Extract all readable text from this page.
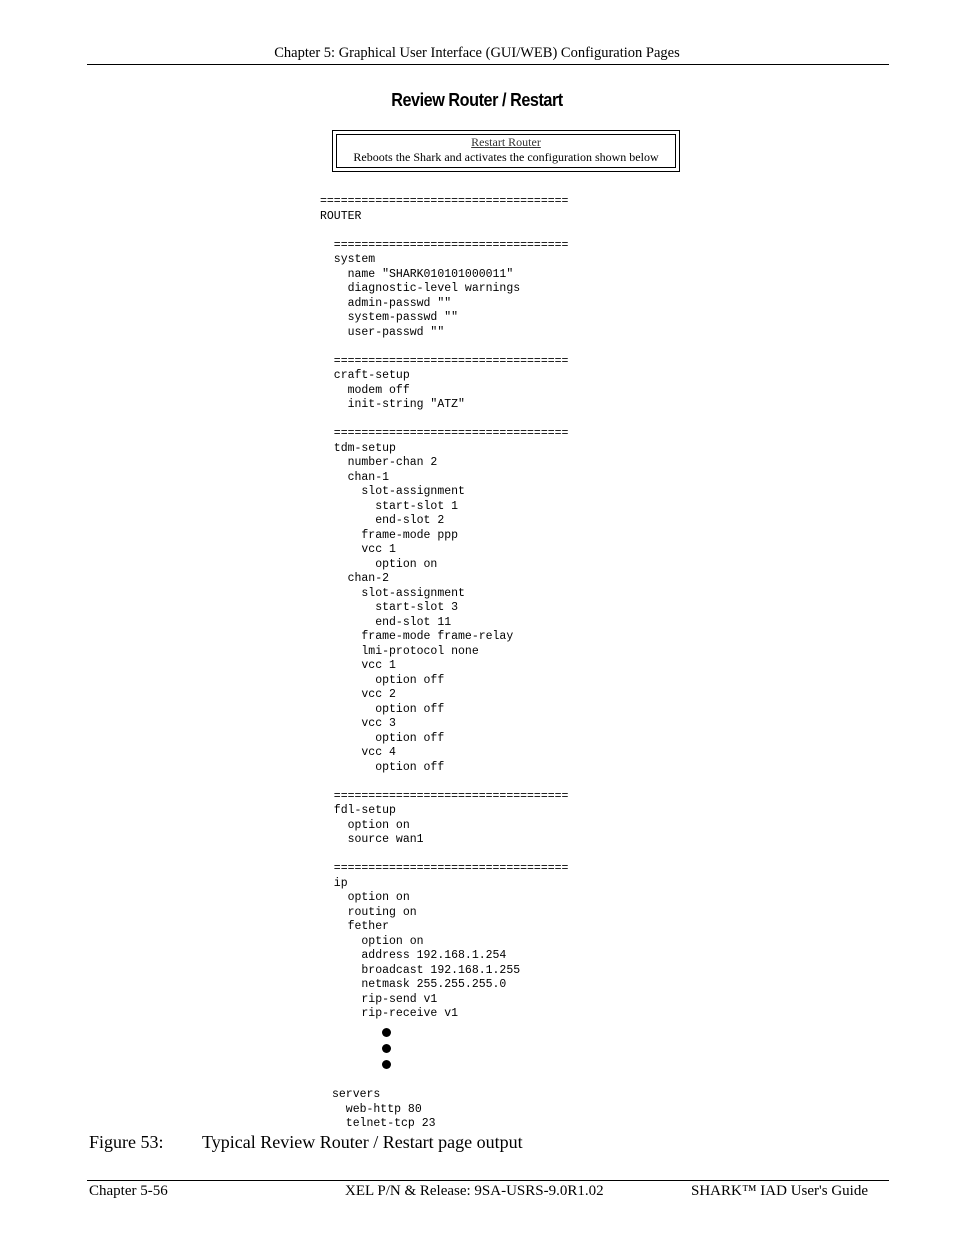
Chapter 5: Graphical User Interface (GUI/WEB) Configuration Pages
Review Router / Restart
Restart Router
Reboots the Shark and activates the configuration shown below
====================================
ROUTER

==================================
system
name "SHARK010101000011"
diagnostic-level warnings
admin-passwd ""
system-passwd ""
user-passwd ""

==================================
craft-setup
modem off
init-string "ATZ"

==================================
tdm-setup
number-chan 2
chan-1
slot-assignment
start-slot 1
end-slot 2
frame-mode ppp
vcc 1
option on
chan-2
slot-assignment
start-slot 3
end-slot 11
frame-mode frame-relay
lmi-protocol none
vcc 1
option off
vcc 2
option off
vcc 3
option off
vcc 4
option off

==================================
fdl-setup
option on
source wan1

==================================
ip
option on
routing on
fether
option on
address 192.168.1.254
broadcast 192.168.1.255
netmask 255.255.255.0
rip-send v1
rip-receive v1
servers
web-http 80
telnet-tcp 23
Figure 53: Typical Review Router / Restart page output
Chapter 5-56	XEL P/N & Release: 9SA-USRS-9.0R1.02	SHARK™ IAD User's Guide
